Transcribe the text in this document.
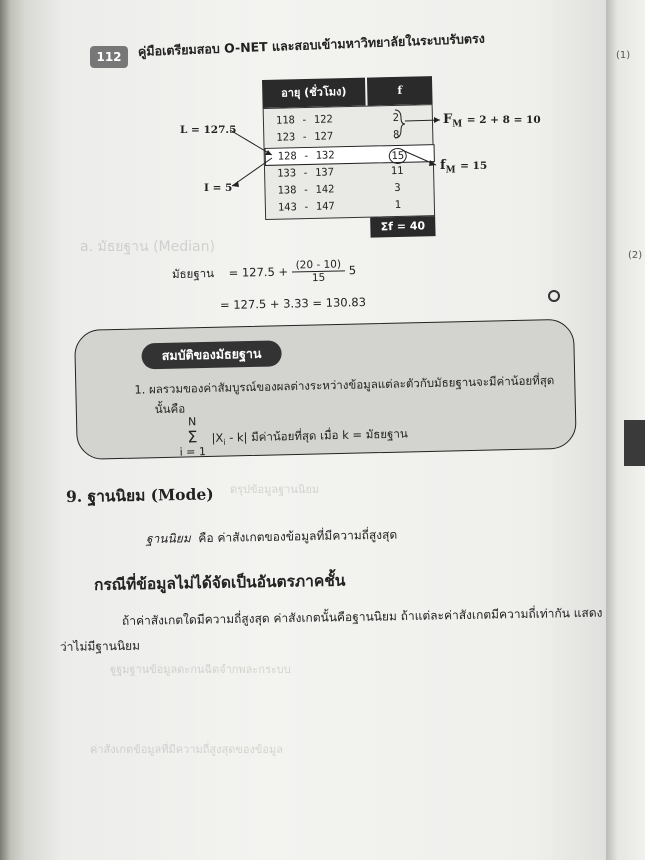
a. มัธยฐาน (Median)
ดรุปข้อมูลฐานนิยม
ฐูฐมฐานข้อมูลดะกนฉีดจำกพละกระบบ
ค่าสังเกตข้อมูลที่มีความถี่สูงสุดของข้อมูล
112	คู่มือเตรียมสอบ O-NET และสอบเข้ามหาวิทยาลัยในระบบรับตรง
อายุ (ชั่วโมง)	f
118 - 122	2
123 - 127	8
128 - 132	15
133 - 137	11
138 - 142	3
143 - 147	1
Σf = 40
L = 127.5
I = 5
$F_M = 2 + 8 = 10$
$f_M = 15$
มัธยฐาน = $127.5 + \frac{(20 - 10)}{15} 5$
= 127.5 + 3.33 = 130.83
สมบัติของมัธยฐาน
1. ผลรวมของค่าสัมบูรณ์ของผลต่างระหว่างข้อมูลแต่ละตัวกับมัธยฐานจะมีค่าน้อยที่สุด
นั้นคือ
N
Σ
i = 1
$|X_i - k|$ มีค่าน้อยที่สุด เมื่อ k = มัธยฐาน
9. ฐานนิยม (Mode)
ฐานนิยม คือ ค่าสังเกตของข้อมูลที่มีความถี่สูงสุด
กรณีที่ข้อมูลไม่ได้จัดเป็นอันตรภาคชั้น
ถ้าค่าสังเกตใดมีความถี่สูงสุด ค่าสังเกตนั้นคือฐานนิยม ถ้าแต่ละค่าสังเกตมีความถี่เท่ากัน แสดง
ว่าไม่มีฐานนิยม
(1)
(2)
